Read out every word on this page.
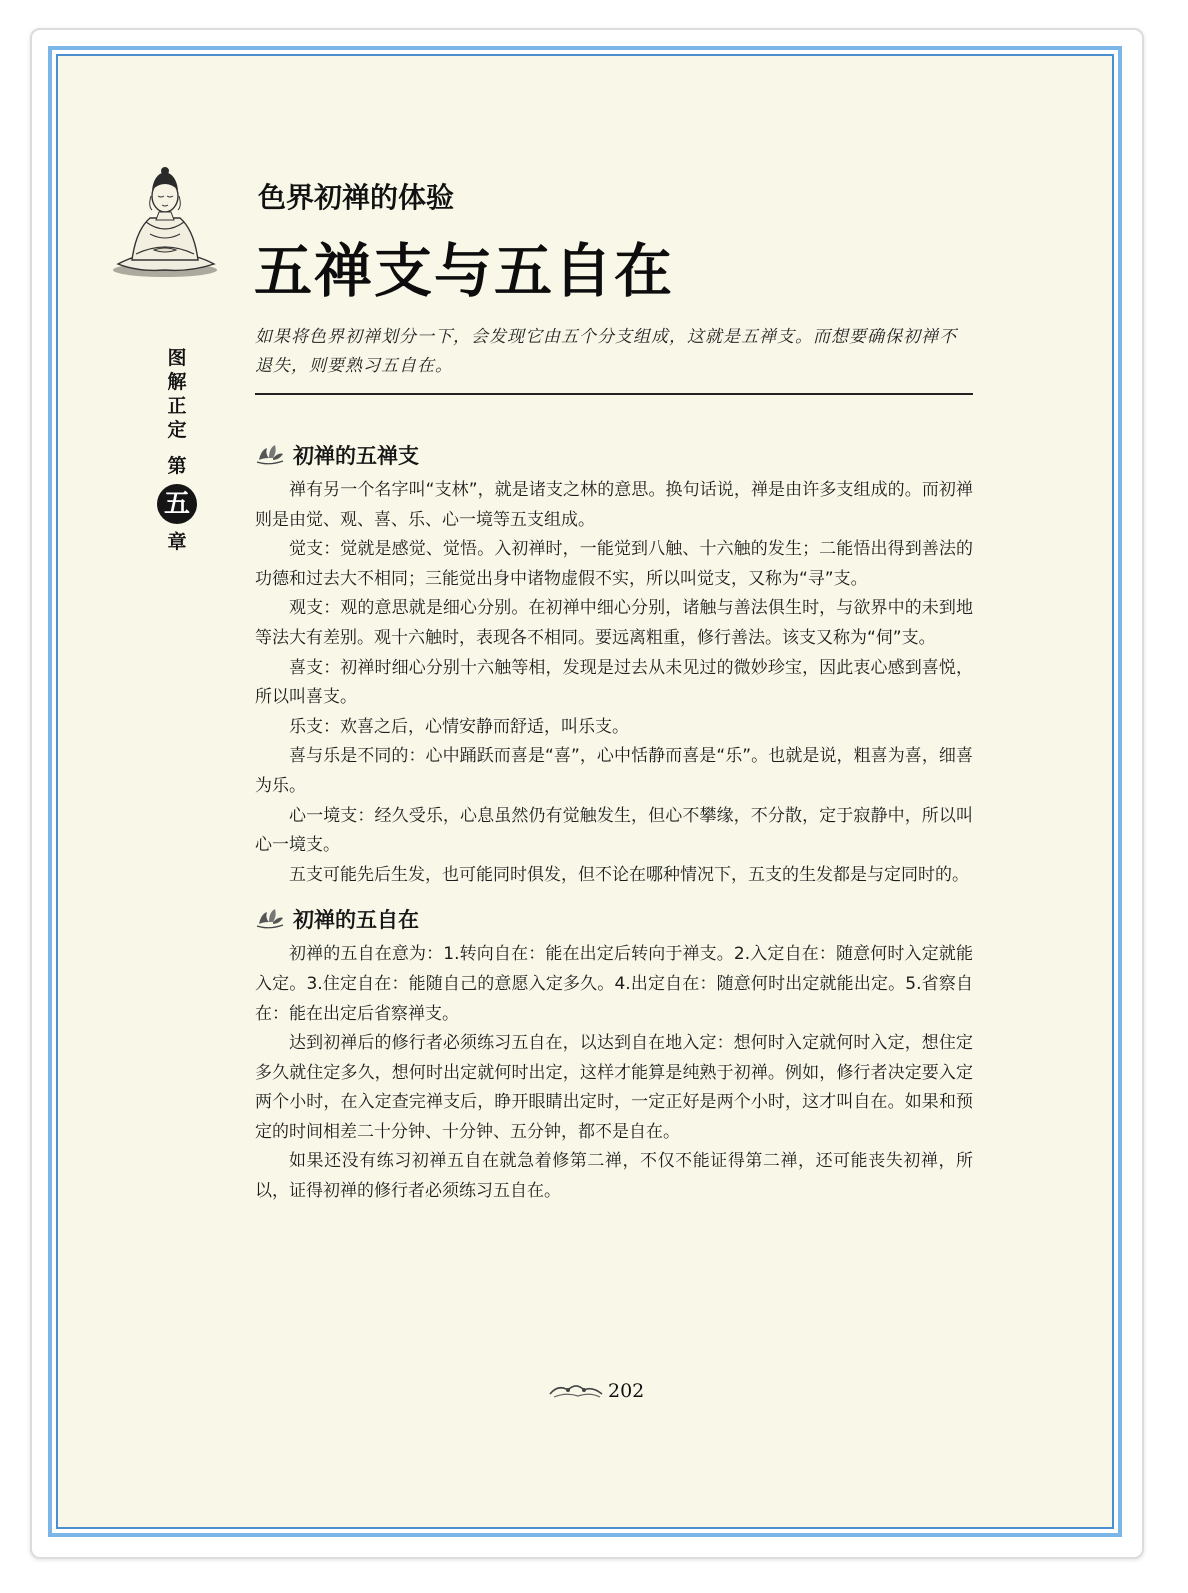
色界初禅的体验
五禅支与五自在
图
解
正
定
第
五
章
如果将色界初禅划分一下，会发现它由五个分支组成，这就是五禅支。而想要确保初禅不退失，则要熟习五自在。
初禅的五禅支

禅有另一个名字叫“支林”，就是诸支之林的意思。换句话说，禅是由许多支组成的。而初禅则是由觉、观、喜、乐、心一境等五支组成。

觉支：觉就是感觉、觉悟。入初禅时，一能觉到八触、十六触的发生；二能悟出得到善法的功德和过去大不相同；三能觉出身中诸物虚假不实，所以叫觉支，又称为“寻”支。

观支：观的意思就是细心分别。在初禅中细心分别，诸触与善法俱生时，与欲界中的未到地等法大有差别。观十六触时，表现各不相同。要远离粗重，修行善法。该支又称为“伺”支。

喜支：初禅时细心分别十六触等相，发现是过去从未见过的微妙珍宝，因此衷心感到喜悦，所以叫喜支。

乐支：欢喜之后，心情安静而舒适，叫乐支。

喜与乐是不同的：心中踊跃而喜是“喜”，心中恬静而喜是“乐”。也就是说，粗喜为喜，细喜为乐。

心一境支：经久受乐，心息虽然仍有觉触发生，但心不攀缘，不分散，定于寂静中，所以叫心一境支。

五支可能先后生发，也可能同时俱发，但不论在哪种情况下，五支的生发都是与定同时的。

初禅的五自在

初禅的五自在意为：1.转向自在：能在出定后转向于禅支。2.入定自在：随意何时入定就能入定。3.住定自在：能随自己的意愿入定多久。4.出定自在：随意何时出定就能出定。5.省察自在：能在出定后省察禅支。

达到初禅后的修行者必须练习五自在，以达到自在地入定：想何时入定就何时入定，想住定多久就住定多久，想何时出定就何时出定，这样才能算是纯熟于初禅。例如，修行者决定要入定两个小时，在入定查完禅支后，睁开眼睛出定时，一定正好是两个小时，这才叫自在。如果和预定的时间相差二十分钟、十分钟、五分钟，都不是自在。

如果还没有练习初禅五自在就急着修第二禅，不仅不能证得第二禅，还可能丧失初禅，所以，证得初禅的修行者必须练习五自在。

202
